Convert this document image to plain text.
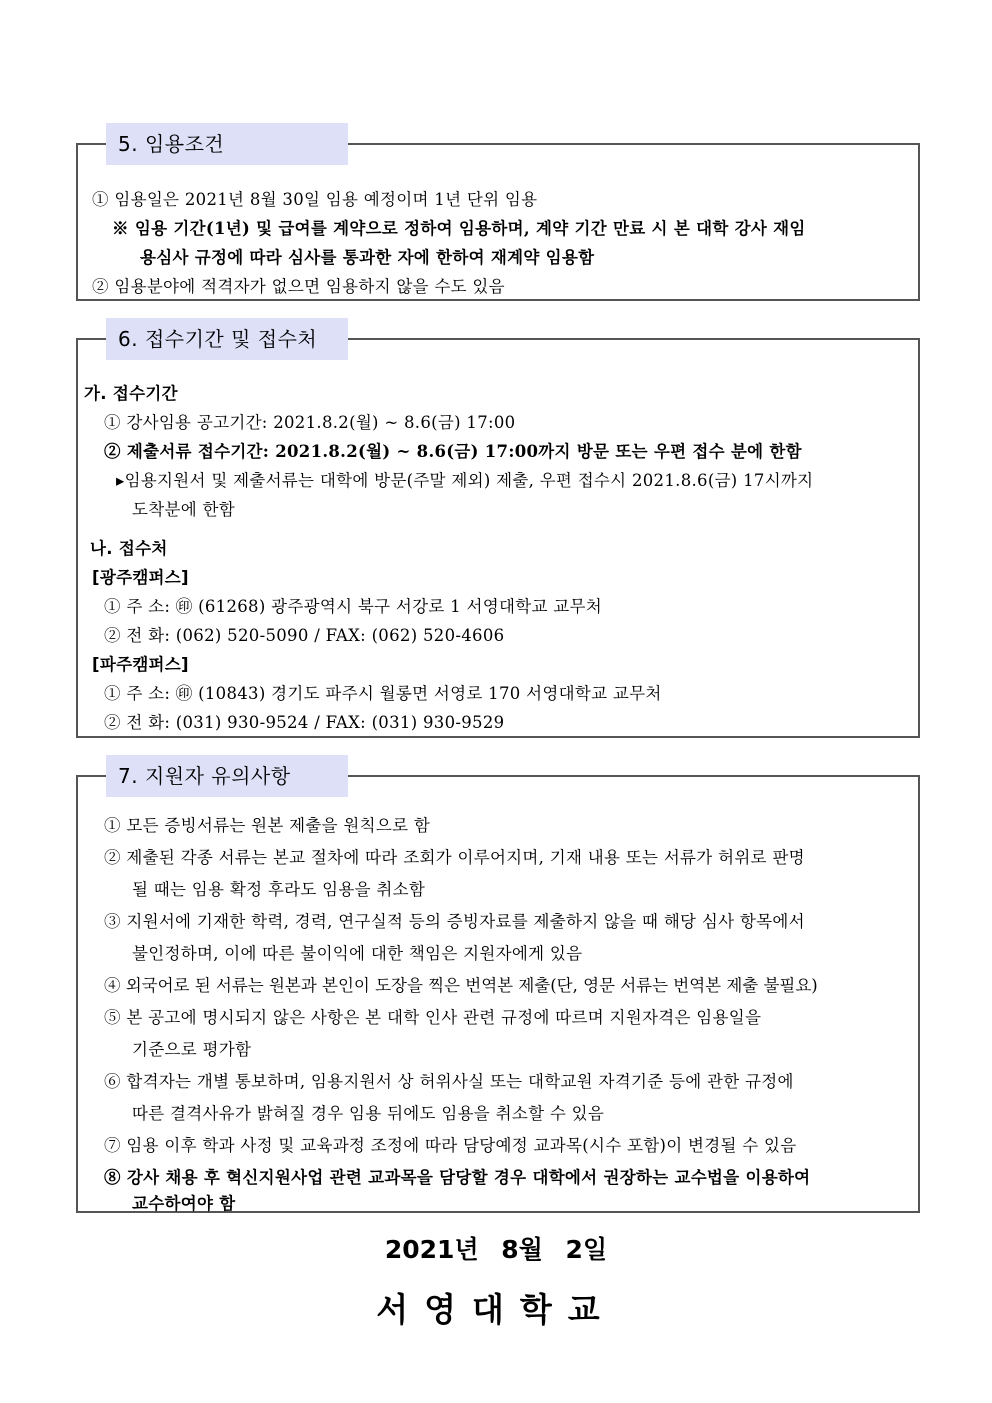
5. 임용조건
① 임용일은 2021년 8월 30일 임용 예정이며 1년 단위 임용
※ 임용 기간(1년) 및 급여를 계약으로 정하여 임용하며, 계약 기간 만료 시 본 대학 강사 재임
용심사 규정에 따라 심사를 통과한 자에 한하여 재계약 임용함
② 임용분야에 적격자가 없으면 임용하지 않을 수도 있음
6. 접수기간 및 접수처
가. 접수기간
① 강사임용 공고기간: 2021.8.2(월) ~ 8.6(금) 17:00
② 제출서류 접수기간: 2021.8.2(월) ~ 8.6(금) 17:00까지 방문 또는 우편 접수 분에 한함
▸임용지원서 및 제출서류는 대학에 방문(주말 제외) 제출, 우편 접수시 2021.8.6(금) 17시까지
도착분에 한함
나. 접수처
[광주캠퍼스]
① 주 소: ㊞ (61268) 광주광역시 북구 서강로 1 서영대학교 교무처
② 전 화: (062) 520-5090 / FAX: (062) 520-4606
[파주캠퍼스]
① 주 소: ㊞ (10843) 경기도 파주시 월롱면 서영로 170 서영대학교 교무처
② 전 화: (031) 930-9524 / FAX: (031) 930-9529
7. 지원자 유의사항
① 모든 증빙서류는 원본 제출을 원칙으로 함
② 제출된 각종 서류는 본교 절차에 따라 조회가 이루어지며, 기재 내용 또는 서류가 허위로 판명
될 때는 임용 확정 후라도 임용을 취소함
③ 지원서에 기재한 학력, 경력, 연구실적 등의 증빙자료를 제출하지 않을 때 해당 심사 항목에서
불인정하며, 이에 따른 불이익에 대한 책임은 지원자에게 있음
④ 외국어로 된 서류는 원본과 본인이 도장을 찍은 번역본 제출(단, 영문 서류는 번역본 제출 불필요)
⑤ 본 공고에 명시되지 않은 사항은 본 대학 인사 관련 규정에 따르며 지원자격은 임용일을
기준으로 평가함
⑥ 합격자는 개별 통보하며, 임용지원서 상 허위사실 또는 대학교원 자격기준 등에 관한 규정에
따른 결격사유가 밝혀질 경우 임용 뒤에도 임용을 취소할 수 있음
⑦ 임용 이후 학과 사정 및 교육과정 조정에 따라 담당예정 교과목(시수 포함)이 변경될 수 있음
⑧ 강사 채용 후 혁신지원사업 관련 교과목을 담당할 경우 대학에서 권장하는 교수법을 이용하여
교수하여야 함
2021년 8월 2일
서영대학교
